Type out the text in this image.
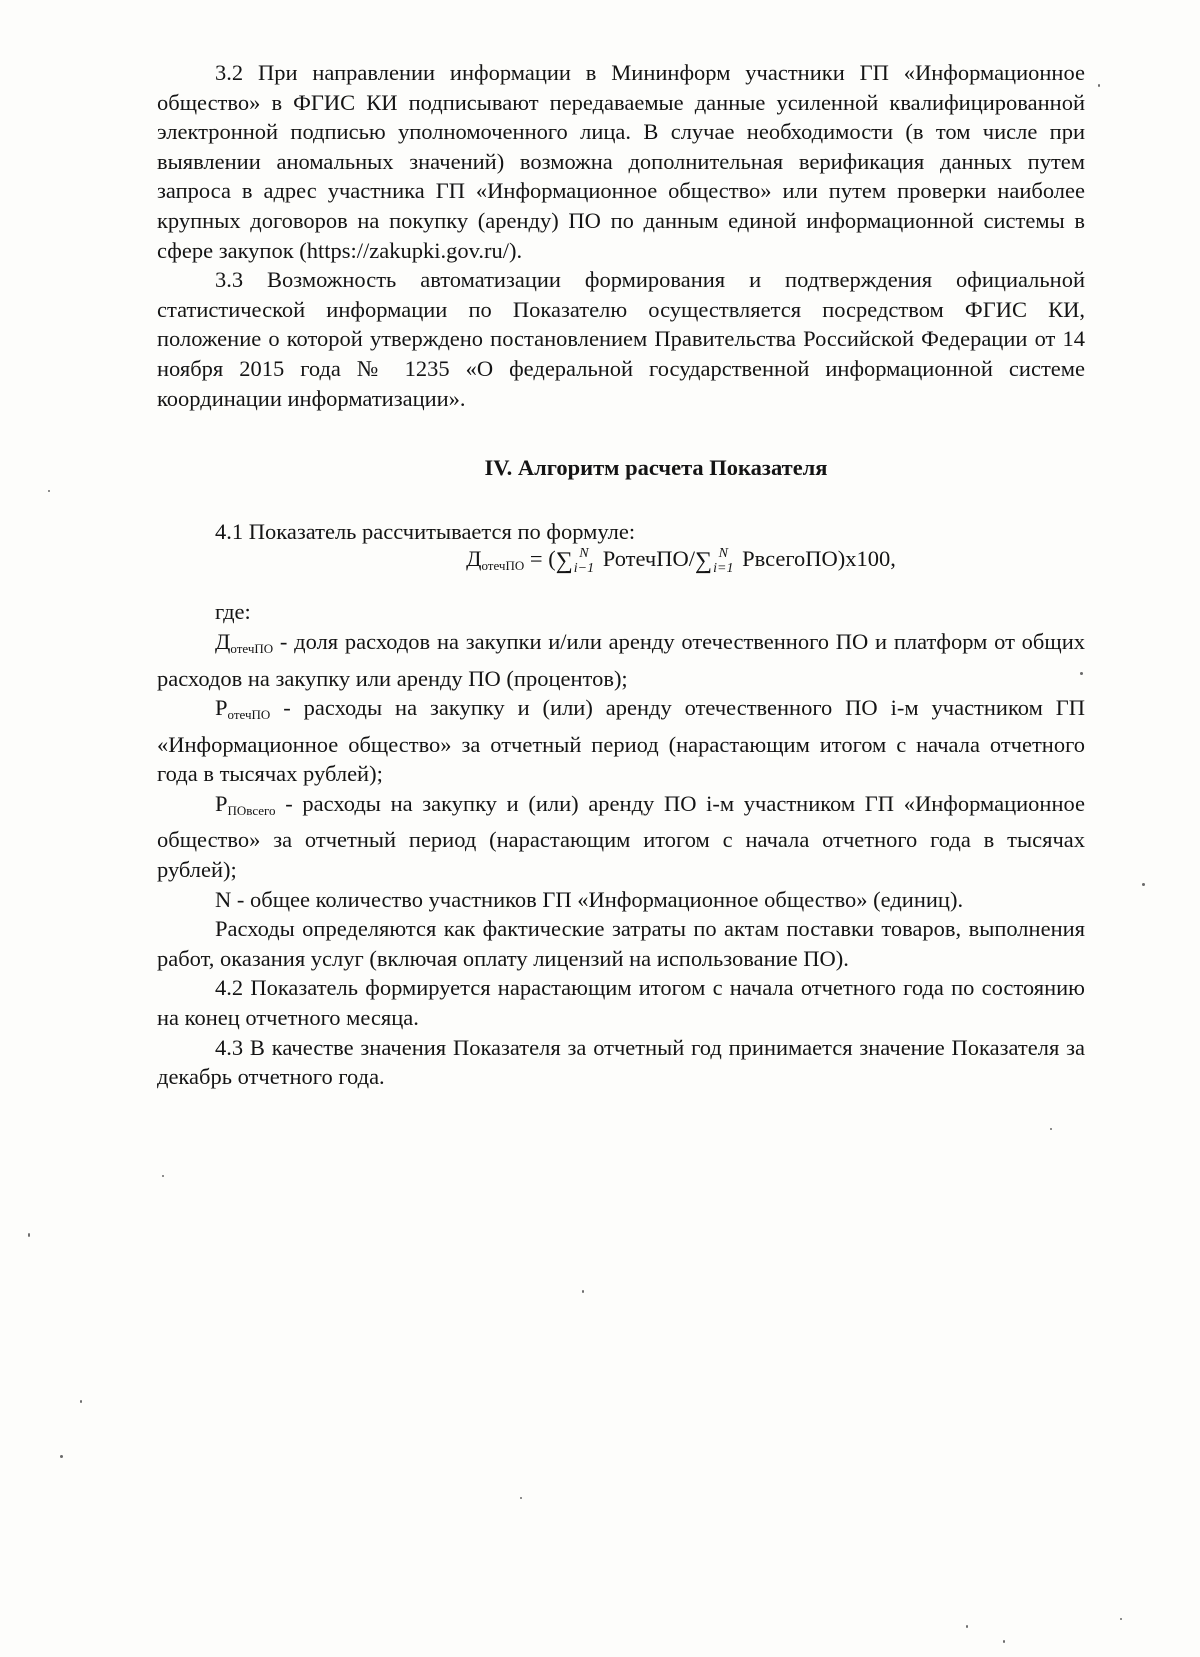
3.2 При направлении информации в Мининформ участники ГП «Информационное общество» в ФГИС КИ подписывают передаваемые данные усиленной квалифицированной электронной подписью уполномоченного лица. В случае необходимости (в том числе при выявлении аномальных значений) возможна дополнительная верификация данных путем запроса в адрес участника ГП «Информационное общество» или путем проверки наиболее крупных договоров на покупку (аренду) ПО по данным единой информационной системы в сфере закупок (https://zakupki.gov.ru/).

3.3 Возможность автоматизации формирования и подтверждения официальной статистической информации по Показателю осуществляется посредством ФГИС КИ, положение о которой утверждено постановлением Правительства Российской Федерации от 14 ноября 2015 года № 1235 «О федеральной государственной информационной системе координации информатизации».

IV. Алгоритм расчета Показателя

4.1 Показатель рассчитывается по формуле:

$Д_{отечПО}$ = (∑ N
i−1 РотечПО/∑ N
i=1 РвсегоПО)x100,

где:

$Д_{отечПО}$ - доля расходов на закупки и/или аренду отечественного ПО и платформ от общих расходов на закупку или аренду ПО (процентов);

$Р_{отечПО}$ - расходы на закупку и (или) аренду отечественного ПО i-м участником ГП «Информационное общество» за отчетный период (нарастающим итогом с начала отчетного года в тысячах рублей);

$Р_{ПОвсего}$ - расходы на закупку и (или) аренду ПО i-м участником ГП «Информационное общество» за отчетный период (нарастающим итогом с начала отчетного года в тысячах рублей);

N - общее количество участников ГП «Информационное общество» (единиц).

Расходы определяются как фактические затраты по актам поставки товаров, выполнения работ, оказания услуг (включая оплату лицензий на использование ПО).

4.2 Показатель формируется нарастающим итогом с начала отчетного года по состоянию на конец отчетного месяца.

4.3 В качестве значения Показателя за отчетный год принимается значение Показателя за декабрь отчетного года.
